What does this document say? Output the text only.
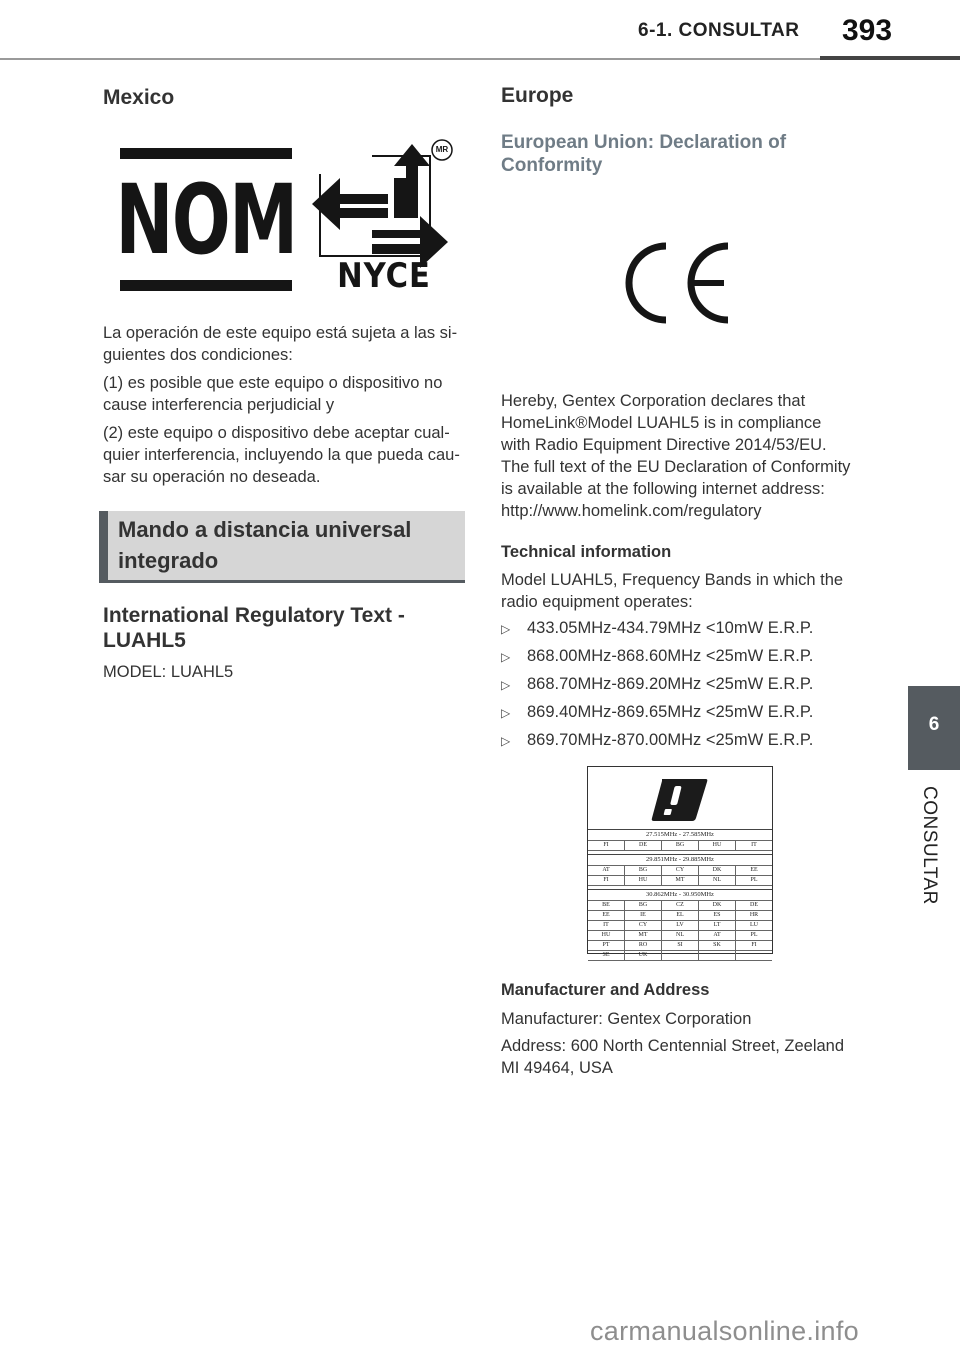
6-1. CONSULTAR 393
6
CONSULTAR
Mexico
NOM
MR
NYCE
La operación de este equipo está sujeta a las si- guientes dos condiciones:
(1) es posible que este equipo o dispositivo no cause interferencia perjudicial y
(2) este equipo o dispositivo debe aceptar cual- quier interferencia, incluyendo la que pueda cau- sar su operación no deseada.
Mando a distancia universal integrado
International Regulatory Text - LUAHL5
MODEL: LUAHL5
Europe
European Union: Declaration of Conformity
Hereby, Gentex Corporation declares that
HomeLink®Model LUAHL5 is in compliance
with Radio Equipment Directive 2014/53/EU.
The full text of the EU Declaration of Conformity
is available at the following internet address:
http://www.homelink.com/regulatory
Technical information
Model LUAHL5, Frequency Bands in which the
radio equipment operates:
▷ 433.05MHz-434.79MHz <10mW E.R.P.
▷ 868.00MHz-868.60MHz <25mW E.R.P.
▷ 868.70MHz-869.20MHz <25mW E.R.P.
▷ 869.40MHz-869.65MHz <25mW E.R.P.
▷ 869.70MHz-870.00MHz <25mW E.R.P.
27.515MHz - 27.585MHz
FI	DE	BG	HU	IT
29.851MHz - 29.885MHz
AT	BG	CY	DK	EE
FI	HU	MT	NL	PL
30.862MHz - 30.950MHz
BE	BG	CZ	DK	DE
EE	IE	EL	ES	HR
IT	CY	LV	LT	LU
HU	MT	NL	AT	PL
PT	RO	SI	SK	FI
SE	UK
Manufacturer and Address
Manufacturer: Gentex Corporation
Address: 600 North Centennial Street, Zeeland
MI 49464, USA
carmanualsonline.info
